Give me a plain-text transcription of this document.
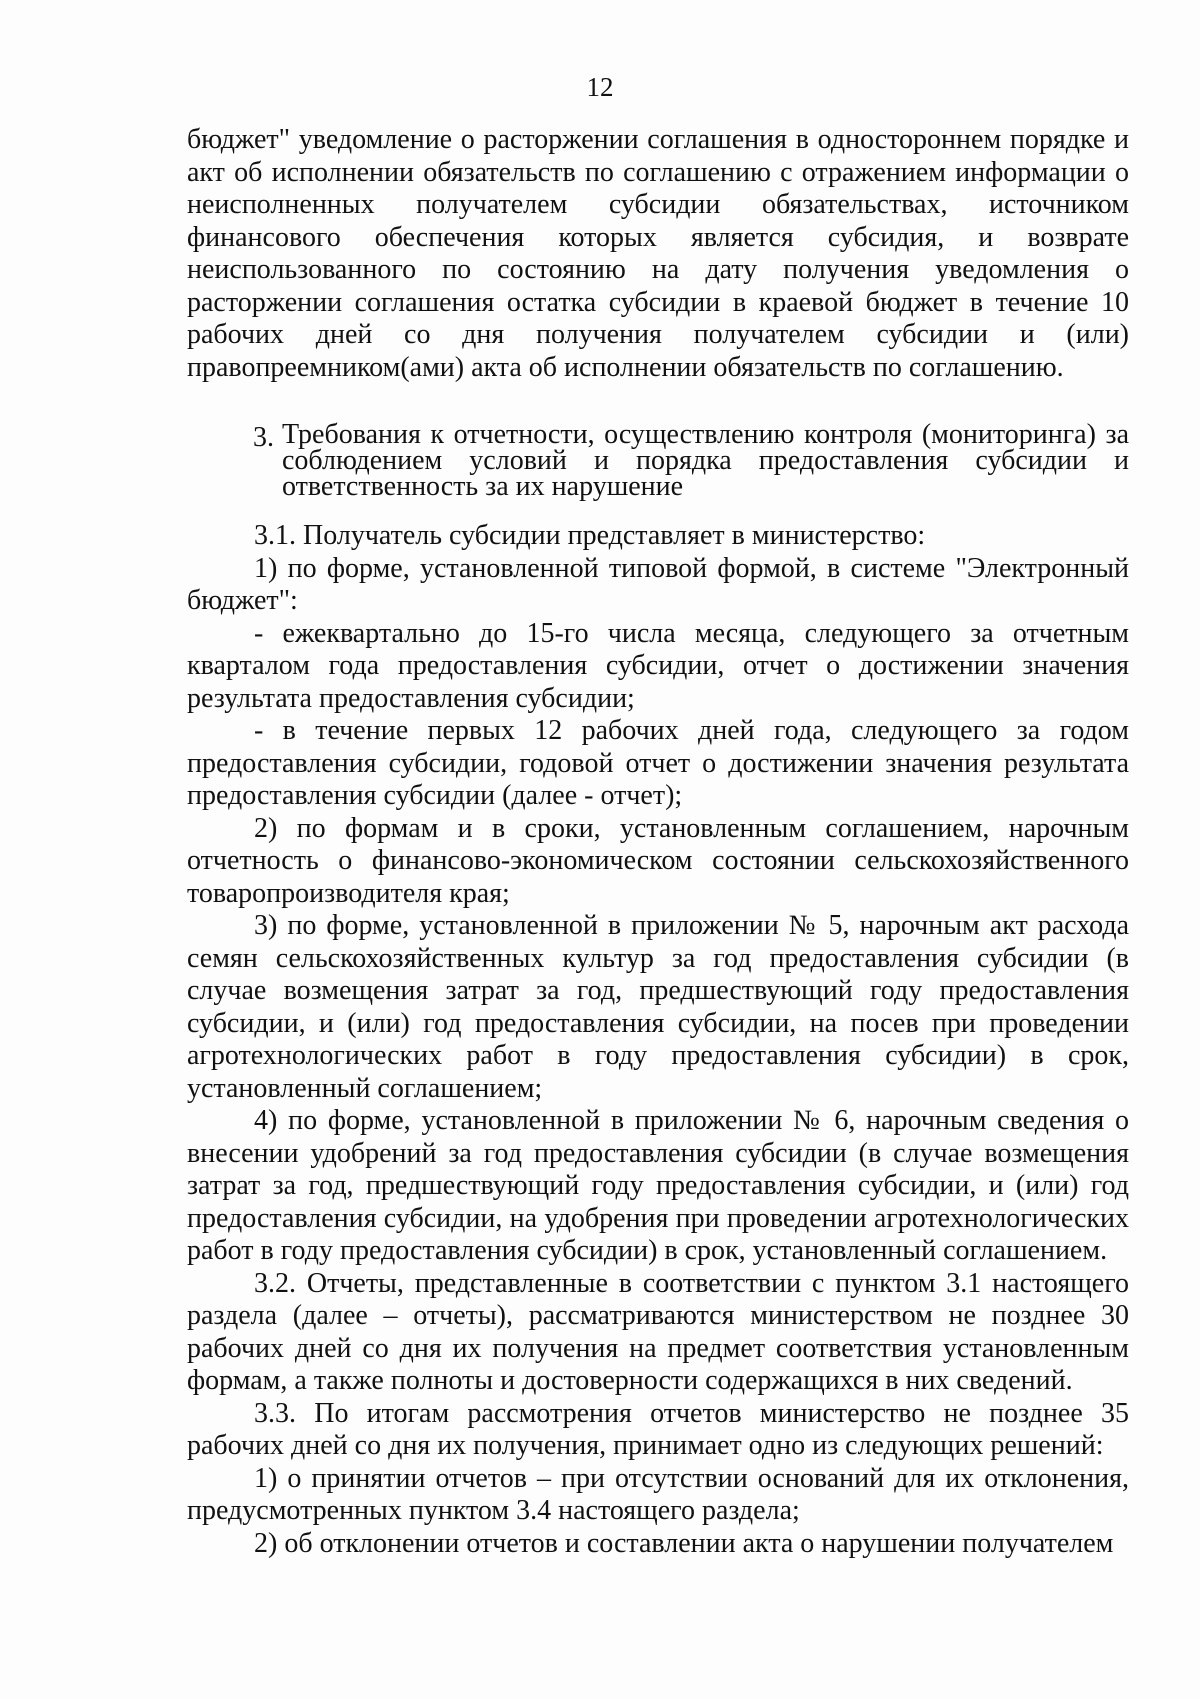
12

бюджет" уведомление о расторжении соглашения в одностороннем порядке и акт об исполнении обязательств по соглашению с отражением информации о неисполненных получателем субсидии обязательствах, источником финансового обеспечения которых является субсидия, и возврате неиспользованного по состоянию на дату получения уведомления о расторжении соглашения остатка субсидии в краевой бюджет в течение 10 рабочих дней со дня получения получателем субсидии и (или) правопреемником(ами) акта об исполнении обязательств по соглашению.

3. Требования к отчетности, осуществлению контроля (мониторинга) за соблюдением условий и порядка предоставления субсидии и ответственность за их нарушение

3.1. Получатель субсидии представляет в министерство:

1) по форме, установленной типовой формой, в системе "Электронный бюджет":

- ежеквартально до 15-го числа месяца, следующего за отчетным кварталом года предоставления субсидии, отчет о достижении значения результата предоставления субсидии;

- в течение первых 12 рабочих дней года, следующего за годом предоставления субсидии, годовой отчет о достижении значения результата предоставления субсидии (далее - отчет);

2) по формам и в сроки, установленным соглашением, нарочным отчетность о финансово-экономическом состоянии сельскохозяйственного товаропроизводителя края;

3) по форме, установленной в приложении № 5, нарочным акт расхода семян сельскохозяйственных культур за год предоставления субсидии (в случае возмещения затрат за год, предшествующий году предоставления субсидии, и (или) год предоставления субсидии, на посев при проведении агротехнологических работ в году предоставления субсидии) в срок, установленный соглашением;

4) по форме, установленной в приложении № 6, нарочным сведения о внесении удобрений за год предоставления субсидии (в случае возмещения затрат за год, предшествующий году предоставления субсидии, и (или) год предоставления субсидии, на удобрения при проведении агротехнологических работ в году предоставления субсидии) в срок, установленный соглашением.

3.2. Отчеты, представленные в соответствии с пунктом 3.1 настоящего раздела (далее – отчеты), рассматриваются министерством не позднее 30 рабочих дней со дня их получения на предмет соответствия установленным формам, а также полноты и достоверности содержащихся в них сведений.

3.3. По итогам рассмотрения отчетов министерство не позднее 35 рабочих дней со дня их получения, принимает одно из следующих решений:

1) о принятии отчетов – при отсутствии оснований для их отклонения, предусмотренных пунктом 3.4 настоящего раздела;

2) об отклонении отчетов и составлении акта о нарушении получателем
